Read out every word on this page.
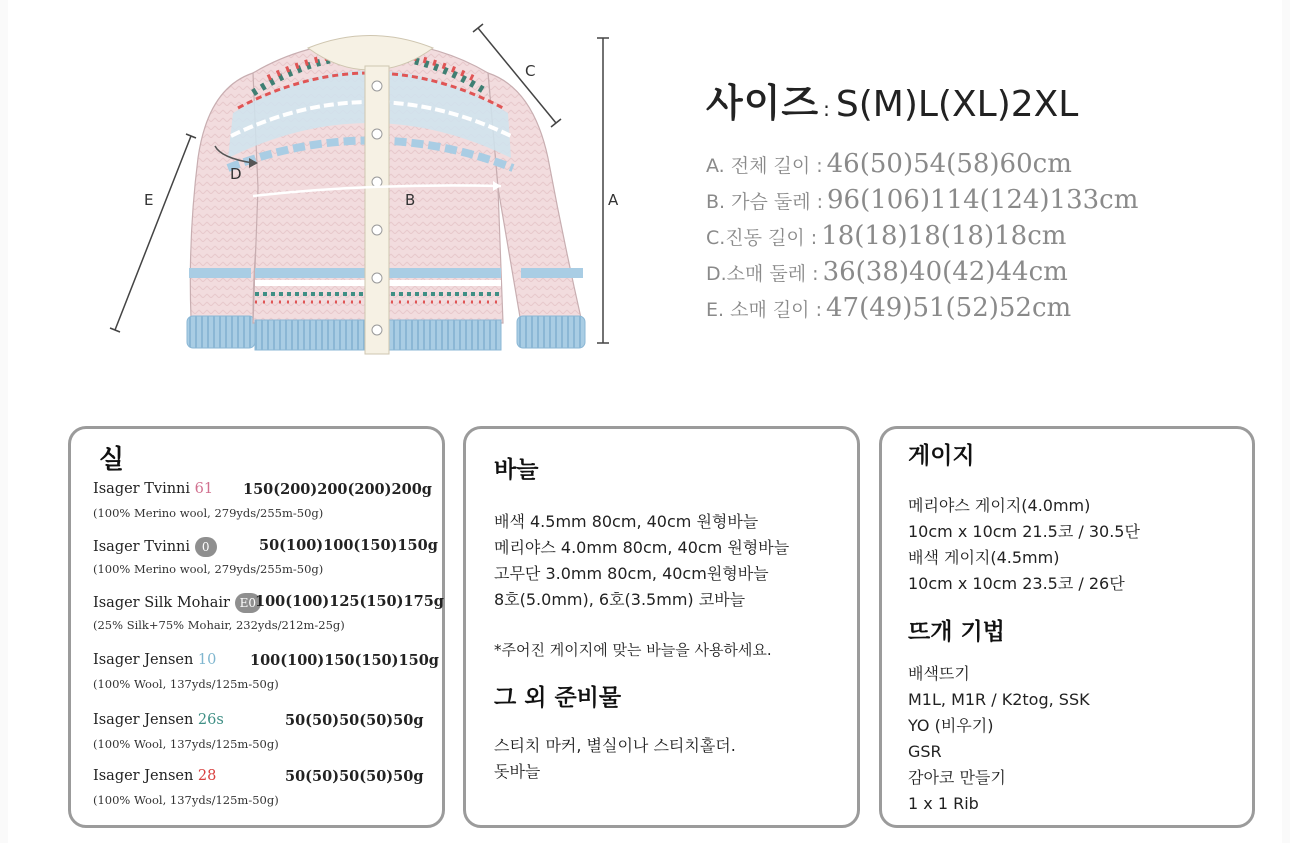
A
C
B
D
E
사이즈 : S(M)L(XL)2XL
A. 전체 길이 : 46(50)54(58)60cm
B. 가슴 둘레 : 96(106)114(124)133cm
C.진동 길이 : 18(18)18(18)18cm
D.소매 둘레 : 36(38)40(42)44cm
E. 소매 길이 : 47(49)51(52)52cm
실
Isager Tvinni 61 150(200)200(200)200g
(100% Merino wool, 279yds/255m-50g)
Isager Tvinni 0	50(100)100(150)150g
(100% Merino wool, 279yds/255m-50g)
Isager Silk Mohair E0 100(100)125(150)175g
(25% Silk+75% Mohair, 232yds/212m-25g)
Isager Jensen 10 100(100)150(150)150g
(100% Wool, 137yds/125m-50g)
Isager Jensen 26s	50(50)50(50)50g
(100% Wool, 137yds/125m-50g)
Isager Jensen 28	50(50)50(50)50g
(100% Wool, 137yds/125m-50g)
바늘
배색 4.5mm 80cm, 40cm 원형바늘
메리야스 4.0mm 80cm, 40cm 원형바늘
고무단 3.0mm 80cm, 40cm원형바늘
8호(5.0mm), 6호(3.5mm) 코바늘
*주어진 게이지에 맞는 바늘을 사용하세요.
그 외 준비물
스티치 마커, 별실이나 스티치홀더.
돗바늘
게이지
메리야스 게이지(4.0mm)
10cm x 10cm 21.5코 / 30.5단
배색 게이지(4.5mm)
10cm x 10cm 23.5코 / 26단
뜨개 기법
배색뜨기
M1L, M1R / K2tog, SSK
YO (비우기)
GSR
감아코 만들기
1 x 1 Rib
